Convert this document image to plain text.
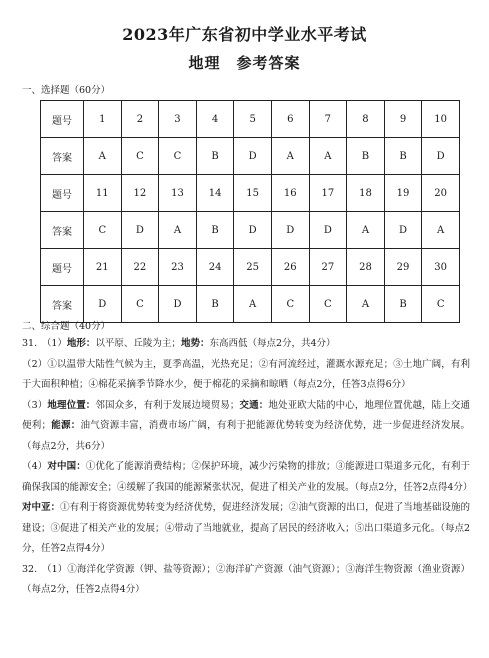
2023年广东省初中学业水平考试
地理　参考答案
一、选择题（60分）
题号	1	2	3	4	5	6	7	8	9	10
答案	A	C	C	B	D	A	A	B	B	D
题号	11	12	13	14	15	16	17	18	19	20
答案	C	D	A	B	D	D	D	A	D	A
题号	21	22	23	24	25	26	27	28	29	30
答案	D	C	D	B	A	C	C	A	B	C
二、综合题（40分）

31.　（1）地形：以平原、丘陵为主；地势：东高西低（每点2分，共4分）

（2）①以温带大陆性气候为主，夏季高温，光热充足；②有河流经过，灌溉水源充足；③土地广阔，有利于大面积种植；④棉花采摘季节降水少，便于棉花的采摘和晾晒（每点2分，任答3点得6分）

（3）地理位置：邻国众多，有利于发展边境贸易；交通：地处亚欧大陆的中心，地理位置优越，陆上交通便利；能源：油气资源丰富，消费市场广阔，有利于把能源优势转变为经济优势，进一步促进经济发展。（每点2分，共6分）

（4）对中国：①优化了能源消费结构；②保护环境，减少污染物的排放；③能源进口渠道多元化，有利于确保我国的能源安全；④缓解了我国的能源紧张状况，促进了相关产业的发展。（每点2分，任答2点得4分）

对中亚：①有利于将资源优势转变为经济优势，促进经济发展；②油气资源的出口，促进了当地基础设施的建设；③促进了相关产业的发展；④带动了当地就业，提高了居民的经济收入；⑤出口渠道多元化。（每点2分，任答2点得4分）

32.　（1）①海洋化学资源（钾、盐等资源）；②海洋矿产资源（油气资源）；③海洋生物资源（渔业资源）（每点2分，任答2点得4分）
